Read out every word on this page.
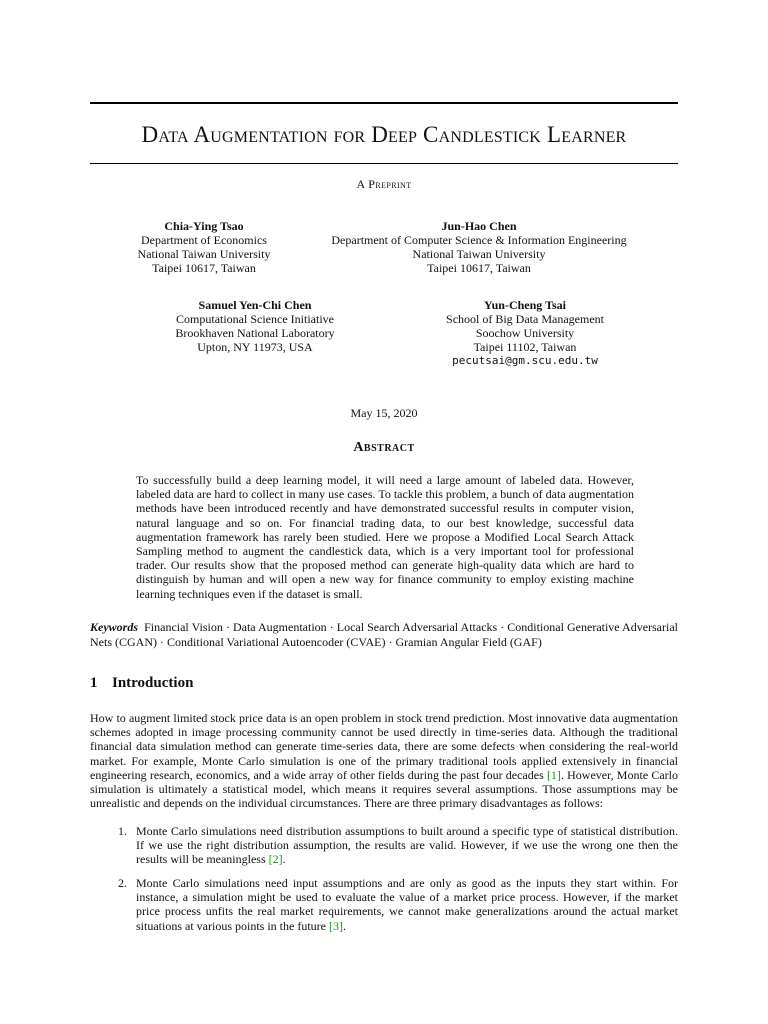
Data Augmentation for Deep Candlestick Learner
A Preprint
Chia-Ying Tsao
Department of Economics
National Taiwan University
Taipei 10617, Taiwan
Jun-Hao Chen
Department of Computer Science & Information Engineering
National Taiwan University
Taipei 10617, Taiwan
Samuel Yen-Chi Chen
Computational Science Initiative
Brookhaven National Laboratory
Upton, NY 11973, USA
Yun-Cheng Tsai
School of Big Data Management
Soochow University
Taipei 11102, Taiwan
pecutsai@gm.scu.edu.tw
May 15, 2020
Abstract

To successfully build a deep learning model, it will need a large amount of labeled data. However, labeled data are hard to collect in many use cases. To tackle this problem, a bunch of data augmentation methods have been introduced recently and have demonstrated successful results in computer vision, natural language and so on. For financial trading data, to our best knowledge, successful data augmentation framework has rarely been studied. Here we propose a Modified Local Search Attack Sampling method to augment the candlestick data, which is a very important tool for professional trader. Our results show that the proposed method can generate high-quality data which are hard to distinguish by human and will open a new way for finance community to employ existing machine learning techniques even if the dataset is small.

Keywords Financial Vision · Data Augmentation · Local Search Adversarial Attacks · Conditional Generative Adversarial Nets (CGAN) · Conditional Variational Autoencoder (CVAE) · Gramian Angular Field (GAF)

1 Introduction

How to augment limited stock price data is an open problem in stock trend prediction. Most innovative data augmentation schemes adopted in image processing community cannot be used directly in time-series data. Although the traditional financial data simulation method can generate time-series data, there are some defects when considering the real-world market. For example, Monte Carlo simulation is one of the primary traditional tools applied extensively in financial engineering research, economics, and a wide array of other fields during the past four decades [1]. However, Monte Carlo simulation is ultimately a statistical model, which means it requires several assumptions. Those assumptions may be unrealistic and depends on the individual circumstances. There are three primary disadvantages as follows:

1. Monte Carlo simulations need distribution assumptions to built around a specific type of statistical distribution. If we use the right distribution assumption, the results are valid. However, if we use the wrong one then the results will be meaningless [2].

2. Monte Carlo simulations need input assumptions and are only as good as the inputs they start within. For instance, a simulation might be used to evaluate the value of a market price process. However, if the market price process unfits the real market requirements, we cannot make generalizations around the actual market situations at various points in the future [3].
